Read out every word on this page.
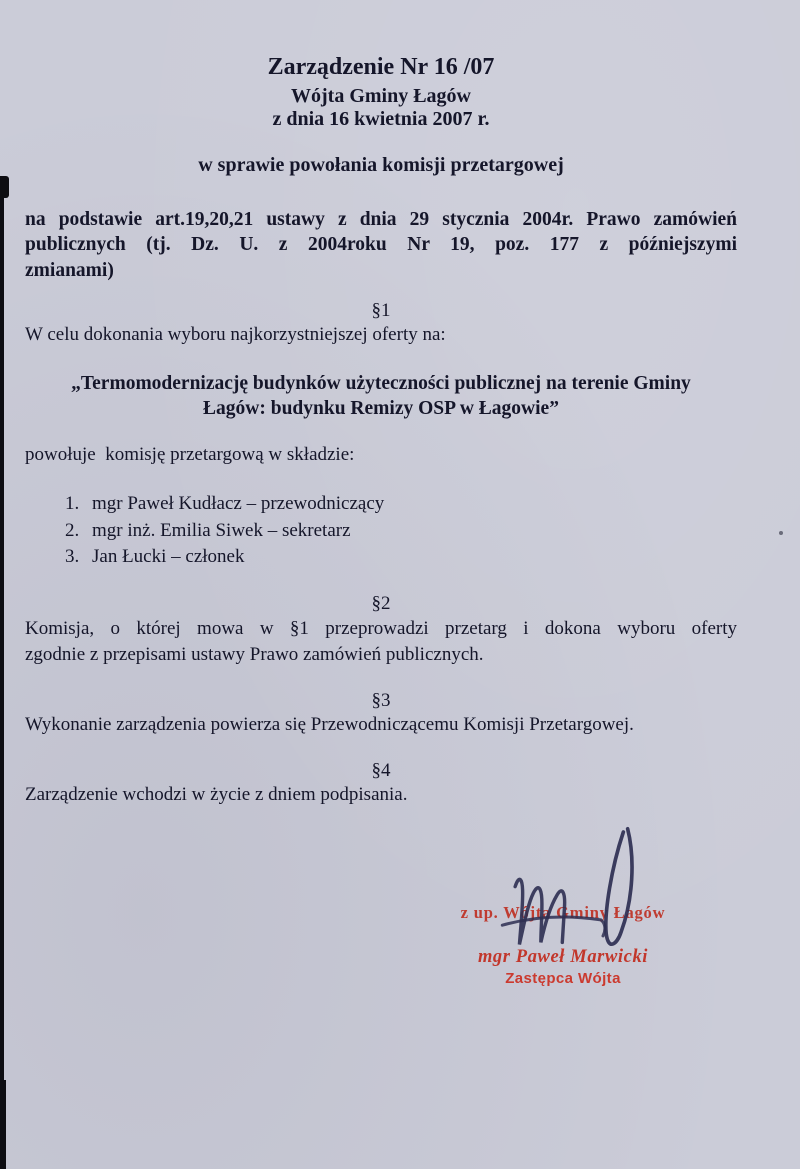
Zarządzenie Nr 16 /07
Wójta Gminy Łagów
z dnia 16 kwietnia 2007 r.
w sprawie powołania komisji przetargowej
na podstawie art.19,20,21 ustawy z dnia 29 stycznia 2004r. Prawo zamówień
publicznych (tj. Dz. U. z 2004roku Nr 19, poz. 177 z późniejszymi
zmianami)
§1
W celu dokonania wyboru najkorzystniejszej oferty na:
„Termomodernizację budynków użyteczności publicznej na terenie Gminy
Łagów: budynku Remizy OSP w Łagowie”
powołuje  komisję przetargową w składzie:
1. mgr Paweł Kudłacz – przewodniczący
2. mgr inż. Emilia Siwek – sekretarz
3. Jan Łucki – członek
§2
Komisja, o której mowa w §1 przeprowadzi przetarg i dokona wyboru oferty
zgodnie z przepisami ustawy Prawo zamówień publicznych.
§3
Wykonanie zarządzenia powierza się Przewodniczącemu Komisji Przetargowej.
§4
Zarządzenie wchodzi w życie z dniem podpisania.
z up. Wójta Gminy Łagów
mgr Paweł Marwicki
Zastępca Wójta
